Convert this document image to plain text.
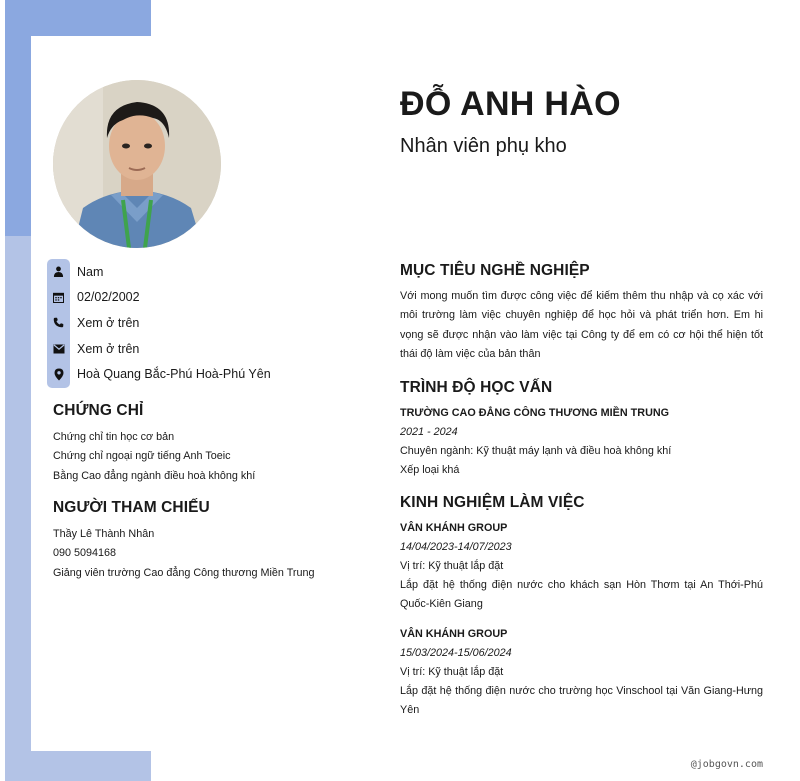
ĐỖ ANH HÀO
Nhân viên phụ kho
Nam
02/02/2002
Xem ở trên
Xem ở trên
Hoà Quang Bắc-Phú Hoà-Phú Yên
CHỨNG CHỈ
Chứng chỉ tin học cơ bản
Chứng chỉ ngoại ngữ tiếng Anh Toeic
Bằng Cao đẳng ngành điều hoà không khí
NGƯỜI THAM CHIẾU
Thầy Lê Thành Nhân
090 5094168
Giảng viên trường Cao đẳng Công thương Miền Trung
MỤC TIÊU NGHỀ NGHIỆP

Với mong muốn tìm được công việc để kiếm thêm thu nhập và cọ xác với môi trường làm việc chuyên nghiệp để học hỏi và phát triển hơn. Em hi vọng sẽ được nhận vào làm việc tại Công ty để em có cơ hội thể hiện tốt thái độ làm việc của bản thân

TRÌNH ĐỘ HỌC VẤN
TRƯỜNG CAO ĐẲNG CÔNG THƯƠNG MIỀN TRUNG
2021 - 2024
Chuyên ngành: Kỹ thuật máy lạnh và điều hoà không khí
Xếp loại khá
KINH NGHIỆM LÀM VIỆC
VÂN KHÁNH GROUP
14/04/2023-14/07/2023
Vị trí: Kỹ thuật lắp đặt
Lắp đặt hệ thống điện nước cho khách sạn Hòn Thơm tại An Thới-Phú Quốc-Kiên Giang
VÂN KHÁNH GROUP
15/03/2024-15/06/2024
Vị trí: Kỹ thuật lắp đặt
Lắp đặt hệ thống điện nước cho trường học Vinschool tại Văn Giang-Hưng Yên
@jobgovn.com
